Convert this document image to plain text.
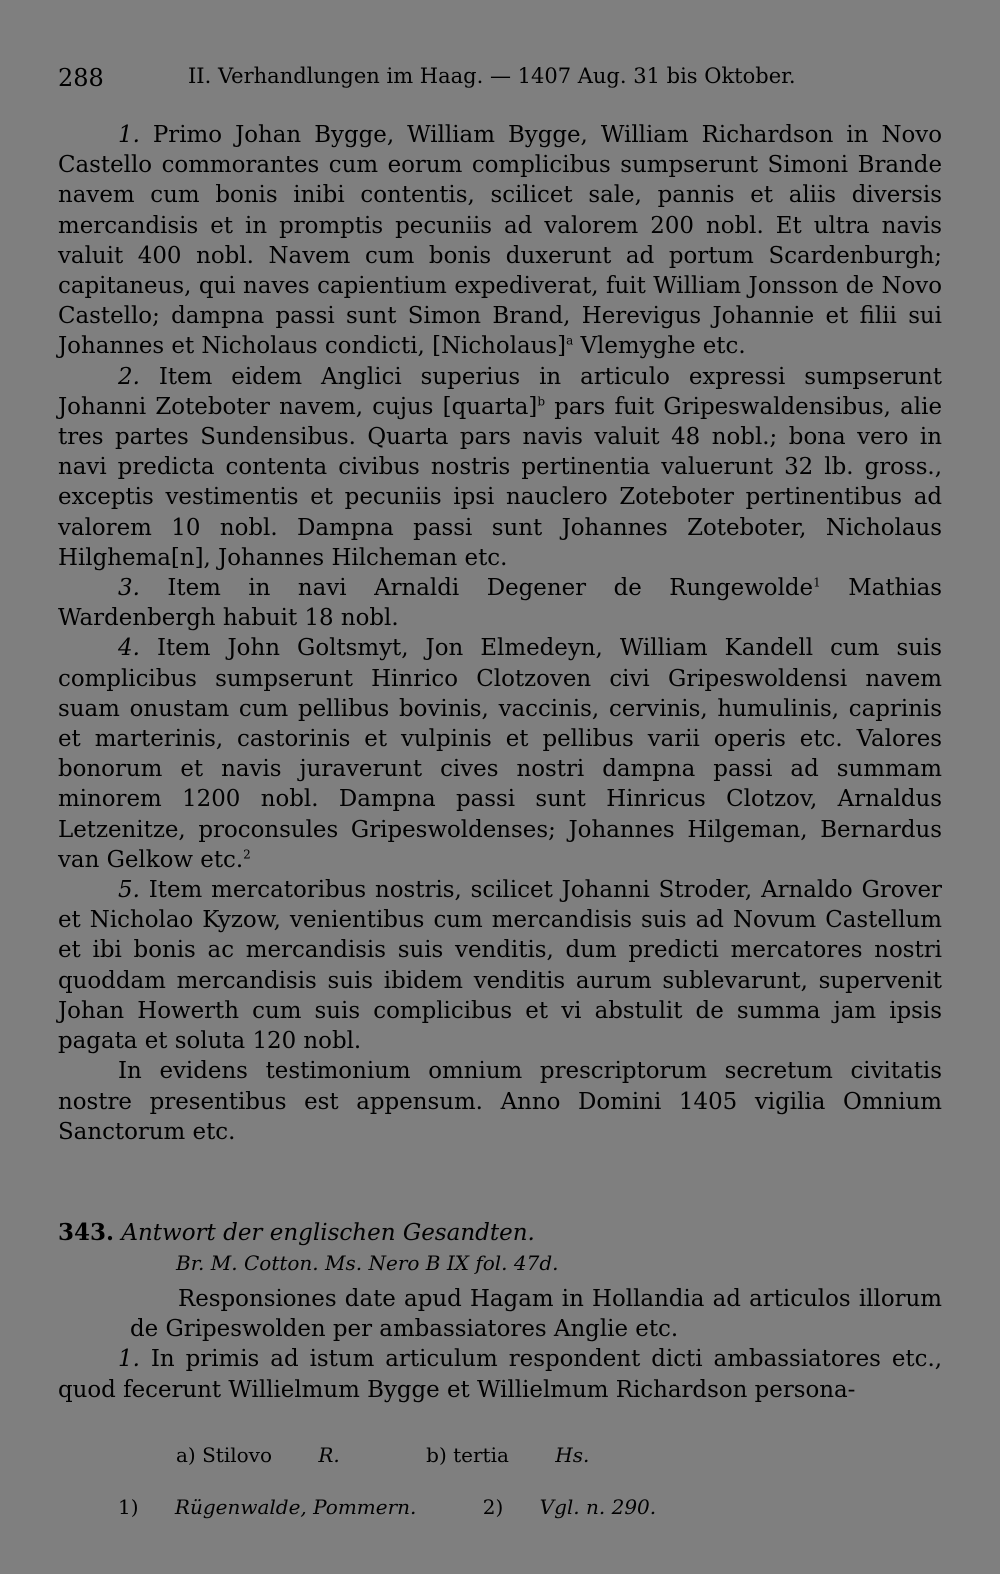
288	II. Verhandlungen im Haag. — 1407 Aug. 31 bis Oktober.

1. Primo Johan Bygge, William Bygge, William Richardson in Novo Castello commorantes cum eorum complicibus sumpserunt Simoni Brande navem cum bonis inibi contentis, scilicet sale, pannis et aliis diversis mercandisis et in promptis pecuniis ad valorem 200 nobl. Et ultra navis valuit 400 nobl. Navem cum bonis duxerunt ad portum Scardenburgh; capitaneus, qui naves capientium expediverat, fuit William Jonsson de Novo Castello; dampna passi sunt Simon Brand, Herevigus Johannie et filii sui Johannes et Nicholaus condicti, [Nicholaus]$^a$ Vlemyghe etc.

2. Item eidem Anglici superius in articulo expressi sumpserunt Johanni Zoteboter navem, cujus [quarta]$^b$ pars fuit Gripeswaldensibus, alie tres partes Sundensibus. Quarta pars navis valuit 48 nobl.; bona vero in navi predicta contenta civibus nostris pertinentia valuerunt 32 lb. gross., exceptis vestimentis et pecuniis ipsi nauclero Zoteboter pertinentibus ad valorem 10 nobl. Dampna passi sunt Johannes Zoteboter, Nicholaus Hilghema[n], Johannes Hilcheman etc.

3. Item in navi Arnaldi Degener de Rungewolde$^1$ Mathias Wardenbergh habuit 18 nobl.

4. Item John Goltsmyt, Jon Elmedeyn, William Kandell cum suis complicibus sumpserunt Hinrico Clotzoven civi Gripeswoldensi navem suam onustam cum pellibus bovinis, vaccinis, cervinis, humulinis, caprinis et marterinis, castorinis et vulpinis et pellibus varii operis etc. Valores bonorum et navis juraverunt cives nostri dampna passi ad summam minorem 1200 nobl. Dampna passi sunt Hinricus Clotzov, Arnaldus Letzenitze, proconsules Gripeswoldenses; Johannes Hilgeman, Bernardus van Gelkow etc.$^2$

5. Item mercatoribus nostris, scilicet Johanni Stroder, Arnaldo Grover et Nicholao Kyzow, venientibus cum mercandisis suis ad Novum Castellum et ibi bonis ac mercandisis suis venditis, dum predicti mercatores nostri quoddam mercandisis suis ibidem venditis aurum sublevarunt, supervenit Johan Howerth cum suis complicibus et vi abstulit de summa jam ipsis pagata et soluta 120 nobl.

In evidens testimonium omnium prescriptorum secretum civitatis nostre presentibus est appensum. Anno Domini 1405 vigilia Omnium Sanctorum etc.

343. Antwort der englischen Gesandten.

Br. M. Cotton. Ms. Nero B IX fol. 47d.

Responsiones date apud Hagam in Hollandia ad articulos illorum de Gripeswolden per ambassiatores Anglie etc.

1. In primis ad istum articulum respondent dicti ambassiatores etc., quod fecerunt Willielmum Bygge et Willielmum Richardson persona-

a) Stilovo R.	b) tertia Hs.
1) Rügenwalde, Pommern.	2) Vgl. n. 290.
